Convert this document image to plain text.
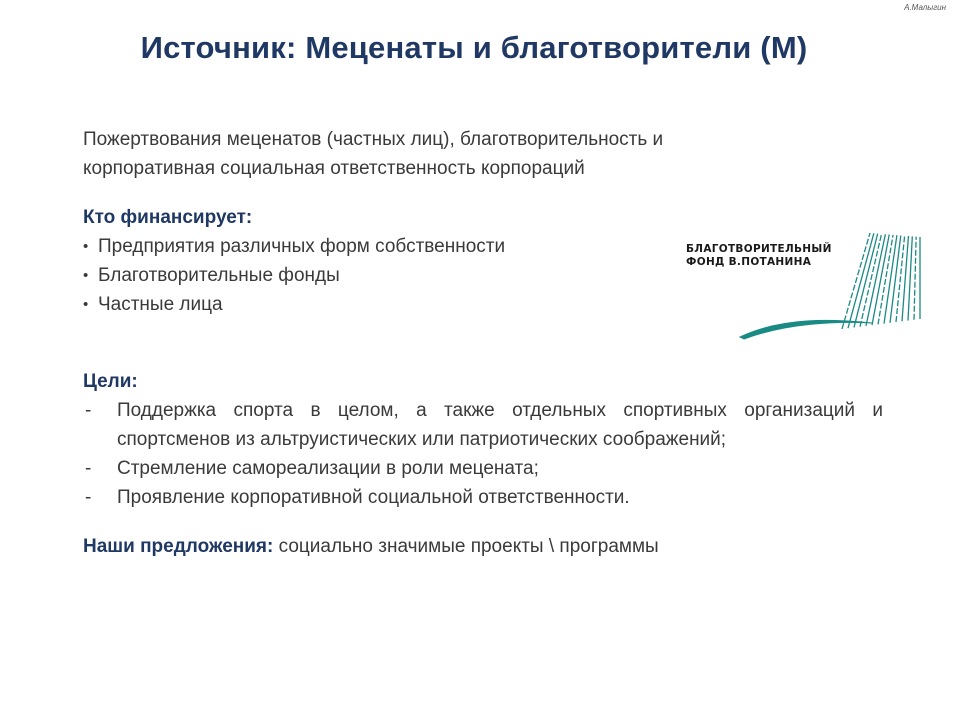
А.Малыгин
Источник: Меценаты и благотворители (М)

Пожертвования меценатов (частных лиц), благотворительность и

корпоративная социальная ответственность корпораций

Кто финансирует:

• Предприятия различных форм собственности
• Благотворительные фонды
• Частные лица

Цели:

-	Поддержка спорта в целом, а также отдельных спортивных организаций и спортсменов из альтруистических или патриотических соображений;
-	Стремление самореализации в роли мецената;
-	Проявление корпоративной социальной ответственности.

Наши предложения: социально значимые проекты \ программы

БЛАГОТВОРИТЕЛЬНЫЙ
ФОНД В.ПОТАНИНА
